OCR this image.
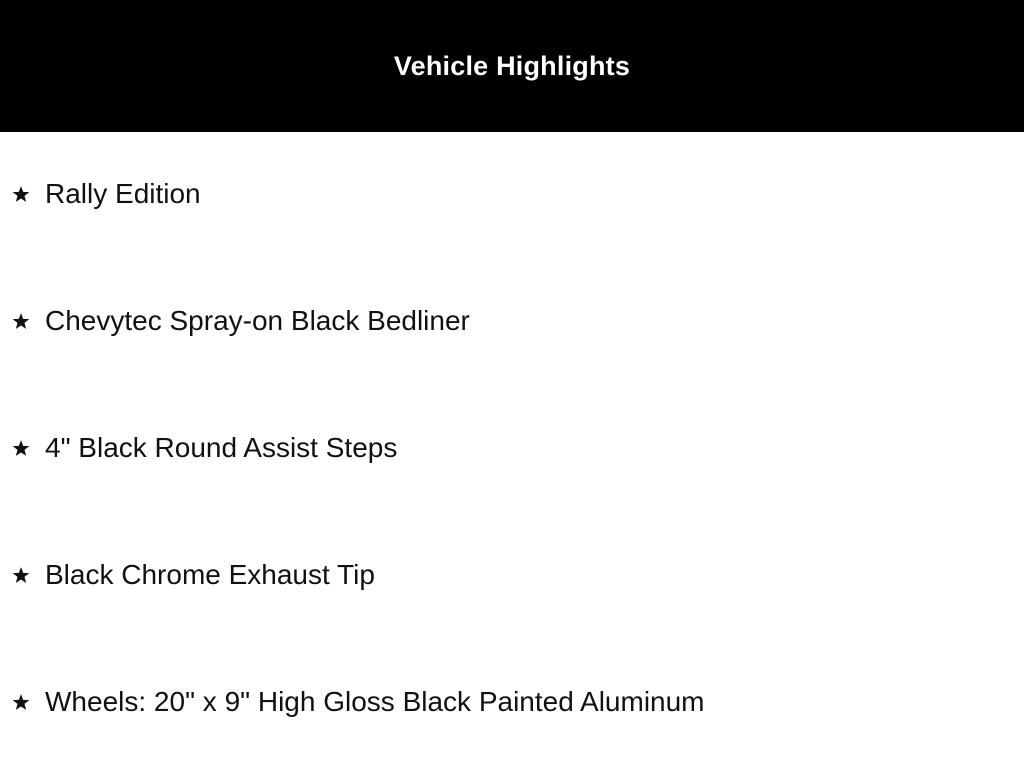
Vehicle Highlights
Rally Edition
Chevytec Spray-on Black Bedliner
4" Black Round Assist Steps
Black Chrome Exhaust Tip
Wheels: 20" x 9" High Gloss Black Painted Aluminum
